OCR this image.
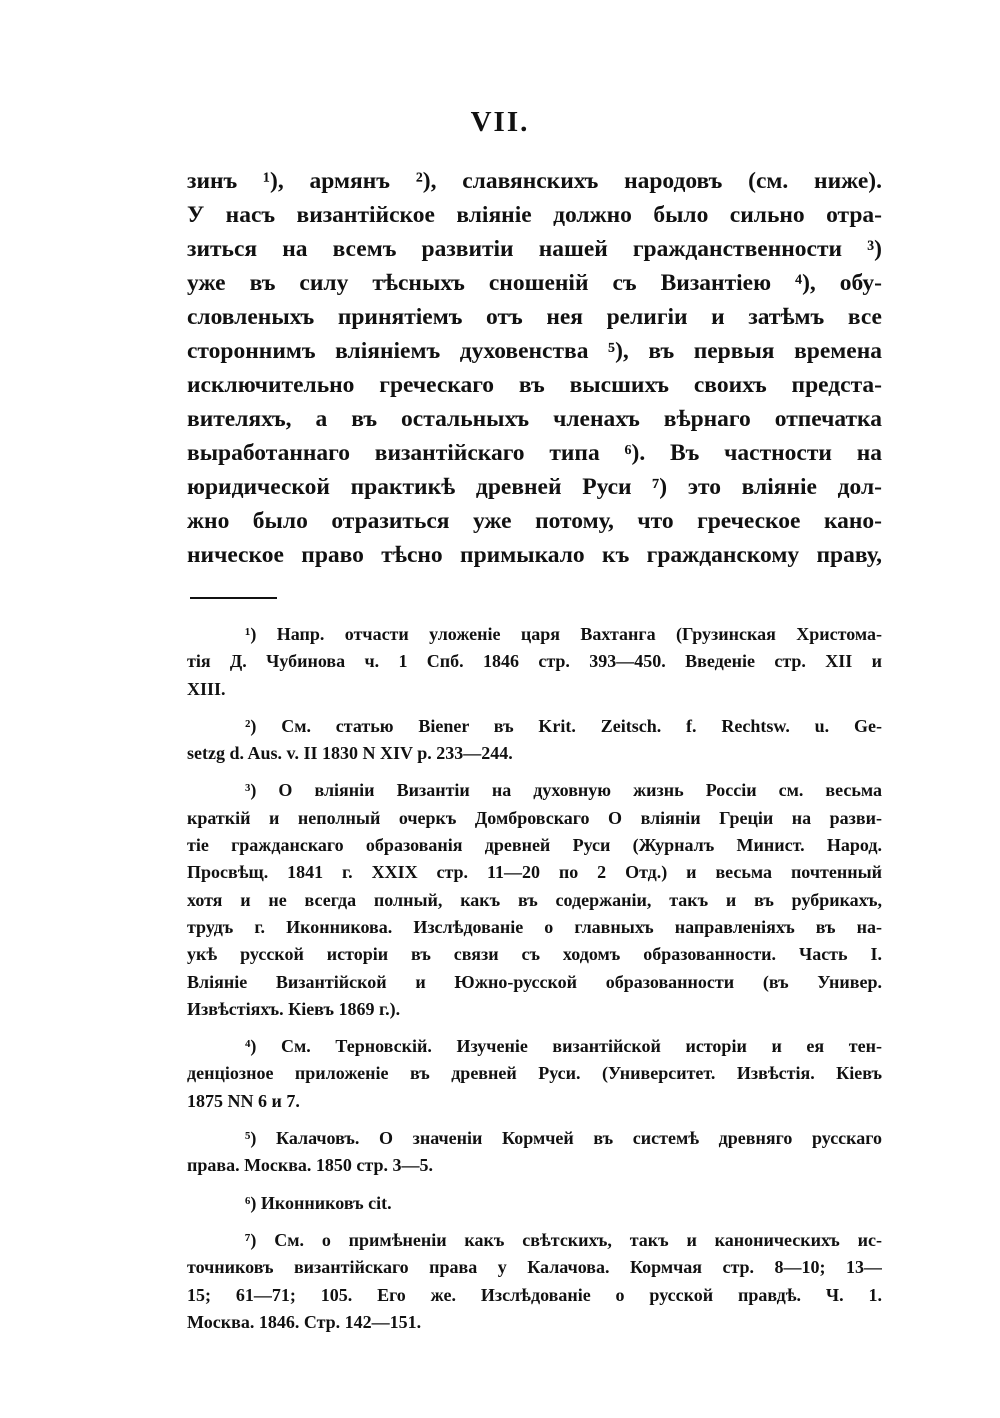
VII.
зинъ ¹), армянъ ²), славянскихъ народовъ (см. ниже).
У насъ византійское вліяніе должно было сильно отра-
зиться на всемъ развитіи нашей гражданственности ³)
уже въ силу тѣсныхъ сношеній съ Византіею ⁴), обу-
словленыхъ принятіемъ отъ нея религіи и затѣмъ все
стороннимъ вліяніемъ духовенства ⁵), въ первыя времена
исключительно греческаго въ высшихъ своихъ предста-
вителяхъ, а въ остальныхъ членахъ вѣрнаго отпечатка
выработаннаго византійскаго типа ⁶). Въ частности на
юридической практикѣ древней Руси ⁷) это вліяніе дол-
жно было отразиться уже потому, что греческое кано-
ническое право тѣсно примыкало къ гражданскому праву,
¹) Напр. отчасти уложеніе царя Вахтанга (Грузинская Христома-
тія Д. Чубинова ч. 1 Спб. 1846 стр. 393—450. Введеніе стр. XII и
XIII.
²) См. статью Biener въ Krit. Zeitsch. f. Rechtsw. u. Ge-
setzg d. Aus. v. II 1830 N XIV p. 233—244.
³) О вліяніи Византіи на духовную жизнь Россіи см. весьма
краткій и неполный очеркъ Домбровскаго О вліяніи Греціи на разви-
тіе гражданскаго образованія древней Руси (Журналъ Минист. Народ.
Просвѣщ. 1841 г. XXIX стр. 11—20 по 2 Отд.) и весьма почтенный
хотя и не всегда полный, какъ въ содержаніи, такъ и въ рубрикахъ,
трудъ г. Иконникова. Изслѣдованіе о главныхъ направленіяхъ въ на-
укѣ русской исторіи въ связи съ ходомъ образованности. Часть I.
Вліяніе Византійской и Южно-русской образованности (въ Универ.
Извѣстіяхъ. Кіевъ 1869 г.).
⁴) См. Терновскій. Изученіе византійской исторіи и ея тен-
денціозное приложеніе въ древней Руси. (Университет. Извѣстія. Кіевъ
1875 NN 6 и 7.
⁵) Калачовъ. О значеніи Кормчей въ системѣ древняго русскаго
права. Москва. 1850 стр. 3—5.
⁶) Иконниковъ cit.
⁷) См. о примѣненіи какъ свѣтскихъ, такъ и каноническихъ ис-
точниковъ византійскаго права у Калачова. Кормчая стр. 8—10; 13—
15; 61—71; 105. Его же. Изслѣдованіе о русской правдѣ. Ч. 1.
Москва. 1846. Стр. 142—151.
